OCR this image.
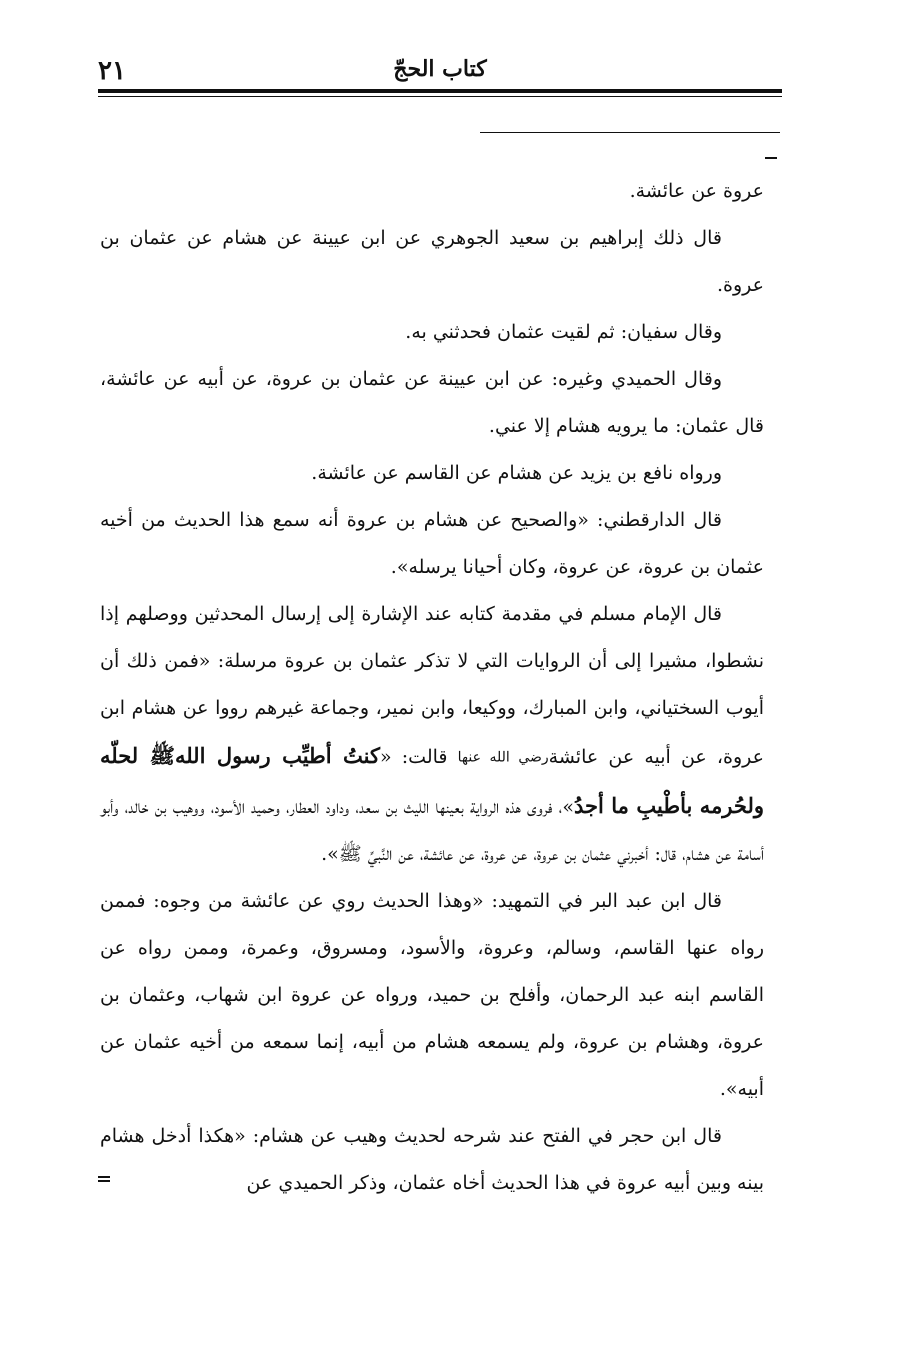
٢١	كتاب الحجّ

عروة عن عائشة.

قال ذلك إبراهيم بن سعيد الجوهري عن ابن عيينة عن هشام عن عثمان بن عروة.

وقال سفيان: ثم لقيت عثمان فحدثني به.

وقال الحميدي وغيره: عن ابن عيينة عن عثمان بن عروة، عن أبيه عن عائشة، قال عثمان: ما يرويه هشام إلا عني.

ورواه نافع بن يزيد عن هشام عن القاسم عن عائشة.

قال الدارقطني: «والصحيح عن هشام بن عروة أنه سمع هذا الحديث من أخيه عثمان بن عروة، عن عروة، وكان أحيانا يرسله».

قال الإمام مسلم في مقدمة كتابه عند الإشارة إلى إرسال المحدثين ووصلهم إذا نشطوا، مشيرا إلى أن الروايات التي لا تذكر عثمان بن عروة مرسلة: «فمن ذلك أن أيوب السختياني، وابن المبارك، ووكيعا، وابن نمير، وجماعة غيرهم رووا عن هشام ابن عروة، عن أبيه عن عائشةرضي الله عنها قالت: «كنتُ أطيِّب رسول اللهﷺ لحلّه ولحُرمه بأطْيبِ ما أجدُ»، فروى هذه الرواية بعينها الليث بن سعد، وداود العطار، وحميد الأسود، ووهيب بن خالد، وأبو أسامة عن هشام، قال: أخبرني عثمان بن عروة، عن عروة، عن عائشة، عن النَّبيِّ ﷺ».

قال ابن عبد البر في التمهيد: «وهذا الحديث روي عن عائشة من وجوه: فممن رواه عنها القاسم، وسالم، وعروة، والأسود، ومسروق، وعمرة، وممن رواه عن القاسم ابنه عبد الرحمان، وأفلح بن حميد، ورواه عن عروة ابن شهاب، وعثمان بن عروة، وهشام بن عروة، ولم يسمعه هشام من أبيه، إنما سمعه من أخيه عثمان عن أبيه».

قال ابن حجر في الفتح عند شرحه لحديث وهيب عن هشام: «هكذا أدخل هشام بينه وبين أبيه عروة في هذا الحديث أخاه عثمان، وذكر الحميدي عن
